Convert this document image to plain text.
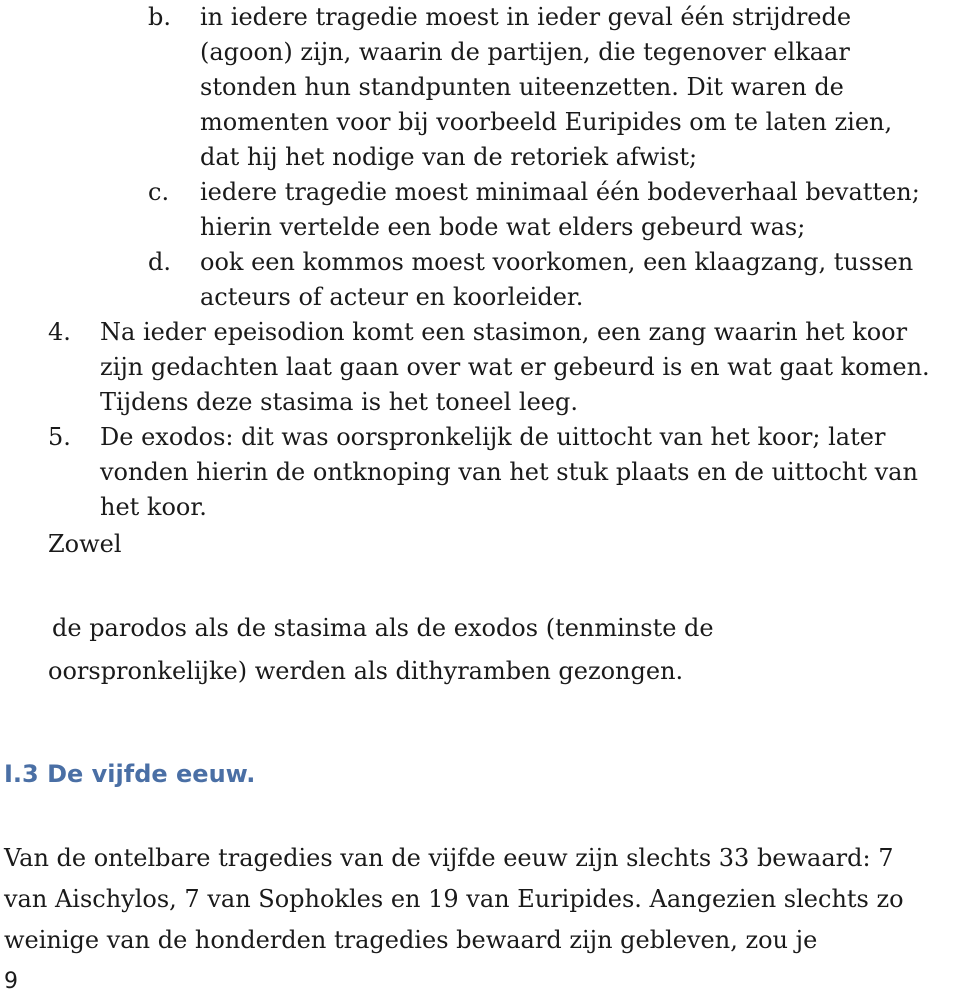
b. in iedere tragedie moest in ieder geval één strijdrede
(agoon) zijn, waarin de partijen, die tegenover elkaar
stonden hun standpunten uiteenzetten. Dit waren de
momenten voor bij voorbeeld Euripides om te laten zien,
dat hij het nodige van de retoriek afwist;
c. iedere tragedie moest minimaal één bodeverhaal bevatten;
hierin vertelde een bode wat elders gebeurd was;
d. ook een kommos moest voorkomen, een klaagzang, tussen
acteurs of acteur en koorleider.
4. Na ieder epeisodion komt een stasimon, een zang waarin het koor
zijn gedachten laat gaan over wat er gebeurd is en wat gaat komen.
Tijdens deze stasima is het toneel leeg.
5. De exodos: dit was oorspronkelijk de uittocht van het koor; later
vonden hierin de ontknoping van het stuk plaats en de uittocht van
het koor.
Zowel

de parodos als de stasima als de exodos (tenminste de

oorspronkelijke) werden als dithyramben gezongen.

I.3 De vijfde eeuw.
Van de ontelbare tragedies van de vijfde eeuw zijn slechts 33 bewaard: 7
van Aischylos, 7 van Sophokles en 19 van Euripides. Aangezien slechts zo
weinige van de honderden tragedies bewaard zijn gebleven, zou je
9
